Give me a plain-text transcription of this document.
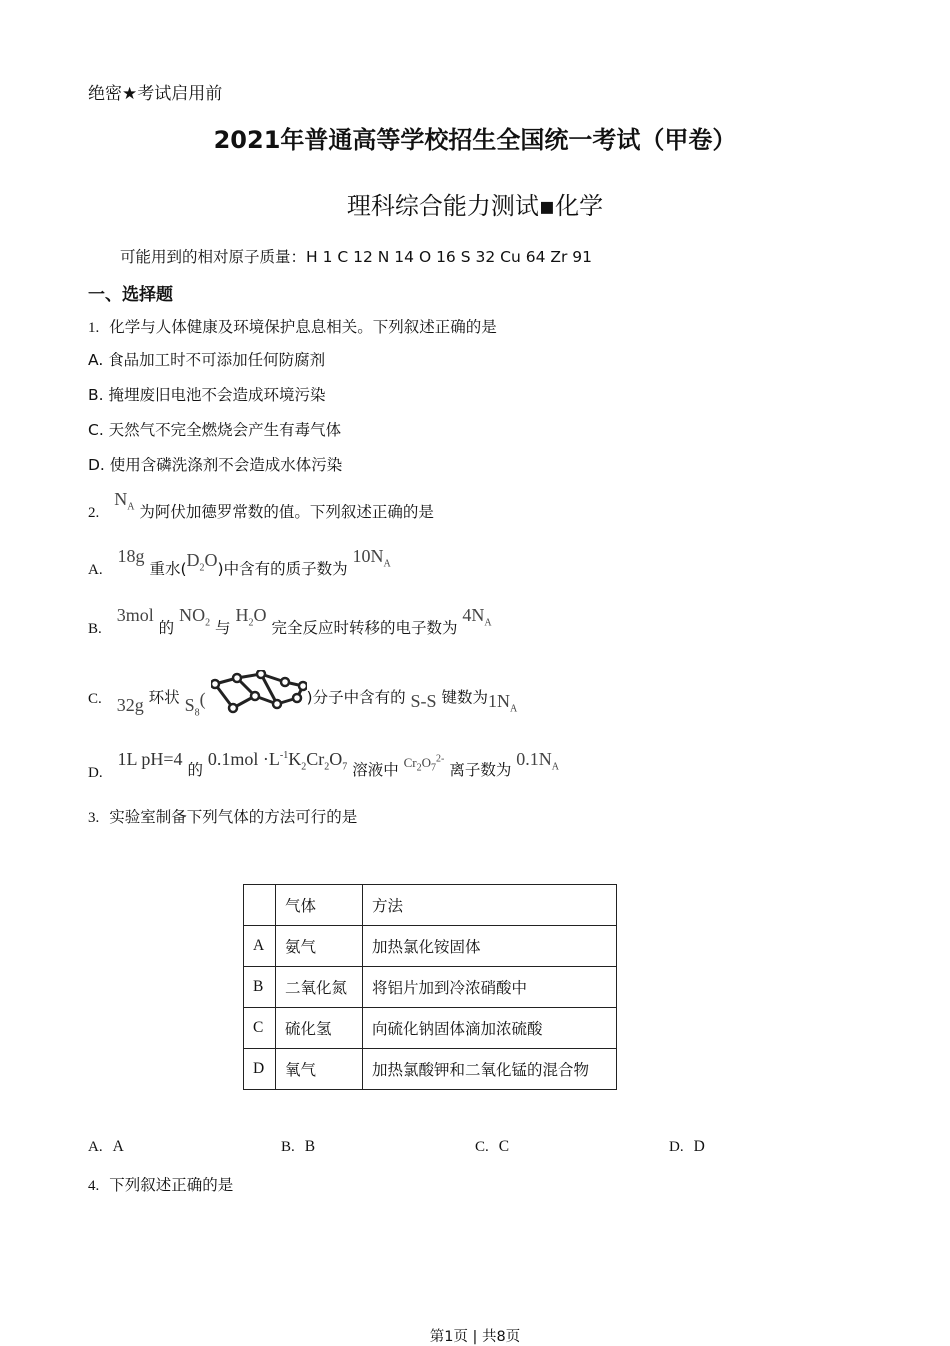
绝密★考试启用前
2021年普通高等学校招生全国统一考试（甲卷）
理科综合能力测试▪化学
可能用到的相对原子质量：H 1 C 12 N 14 O 16 S 32 Cu 64 Zr 91
一、选择题
1. 化学与人体健康及环境保护息息相关。下列叙述正确的是
A. 食品加工时不可添加任何防腐剂
B. 掩埋废旧电池不会造成环境污染
C. 天然气不完全燃烧会产生有毒气体
D. 使用含磷洗涤剂不会造成水体污染
2. $N_A$ 为阿伏加德罗常数的值。下列叙述正确的是
A. 18g 重水$(D_2O)$中含有的质子数为 $10N_A$
B. 3mol 的 $NO_2$ 与 $H_2O$ 完全反应时转移的电子数为 $4N_A$
C. 32g 环状 $S_8$(	)分子中含有的 S-S 键数为$1N_A$
D. 1L pH=4 的 $0.1mol \cdot L^{-1}K_2Cr_2O_7$ 溶液中 $Cr_2O_7^{2-}$ 离子数为 $0.1N_A$
3. 实验室制备下列气体的方法可行的是
	气体	方法
A	氨气	加热氯化铵固体
B	二氧化氮	将铝片加到冷浓硝酸中
C	硫化氢	向硫化钠固体滴加浓硫酸
D	氧气	加热氯酸钾和二氧化锰的混合物
A. A	B. B	C. C	D. D
4. 下列叙述正确的是
第1页 | 共8页
